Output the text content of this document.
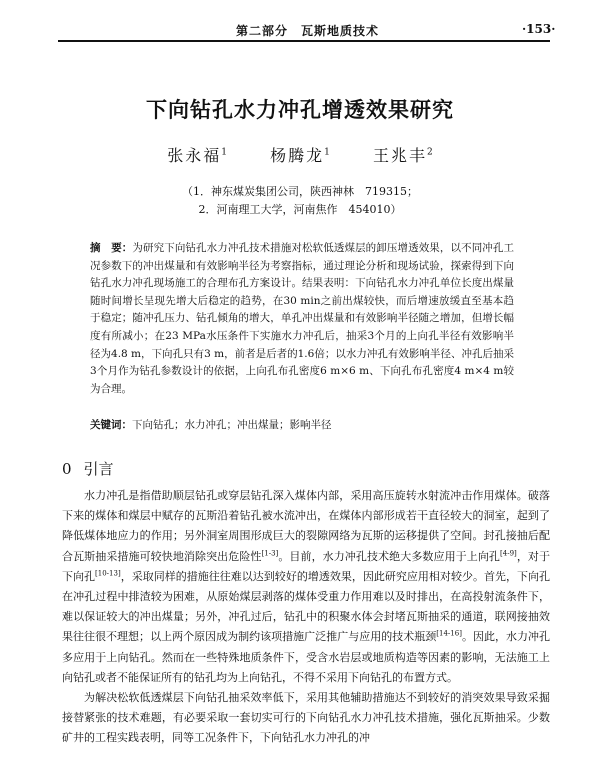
第二部分　瓦斯地质技术	·153·
下向钻孔水力冲孔增透效果研究
张永福$^1$	杨腾龙$^1$	王兆丰$^2$
（1．神东煤炭集团公司，陕西神林　719315；
2．河南理工大学，河南焦作　454010）
摘　要：为研究下向钻孔水力冲孔技术措施对松软低透煤层的卸压增透效果，以不同冲孔工况参数下的冲出煤量和有效影响半径为考察指标，通过理论分析和现场试验，探索得到下向钻孔水力冲孔现场施工的合理布孔方案设计。结果表明：下向钻孔水力冲孔单位长度出煤量随时间增长呈现先增大后稳定的趋势，在30 min之前出煤较快，而后增速放缓直至基本趋于稳定；随冲孔压力、钻孔倾角的增大，单孔冲出煤量和有效影响半径随之增加，但增长幅度有所减小；在23 MPa水压条件下实施水力冲孔后，抽采3个月的上向孔半径有效影响半径为4.8 m，下向孔只有3 m，前者是后者的1.6倍；以水力冲孔有效影响半径、冲孔后抽采3个月作为钻孔参数设计的依据，上向孔布孔密度6 m×6 m、下向孔布孔密度4 m×4 m较为合理。
关键词：下向钻孔；水力冲孔；冲出煤量；影响半径
0 引言

水力冲孔是指借助顺层钻孔或穿层钻孔深入煤体内部，采用高压旋转水射流冲击作用煤体。破落下来的煤体和煤层中赋存的瓦斯沿着钻孔被水流冲出，在煤体内部形成若干直径较大的洞室，起到了降低煤体地应力的作用；另外洞室周围形成巨大的裂隙网络为瓦斯的运移提供了空间。封孔接抽后配合瓦斯抽采措施可较快地消除突出危险性[1-3]。目前，水力冲孔技术绝大多数应用于上向孔[4-9]，对于下向孔[10-13]，采取同样的措施往往难以达到较好的增透效果，因此研究应用相对较少。首先，下向孔在冲孔过程中排渣较为困难，从原始煤层剥落的煤体受重力作用难以及时排出，在高投射流条件下，难以保证较大的冲出煤量；另外，冲孔过后，钻孔中的积聚水体会封堵瓦斯抽采的通道，联网接抽效果往往很不理想；以上两个原因成为制约该项措施广泛推广与应用的技术瓶颈[14-16]。因此，水力冲孔多应用于上向钻孔。然而在一些特殊地质条件下，受含水岩层或地质构造等因素的影响，无法施工上向钻孔或者不能保证所有的钻孔均为上向钻孔，不得不采用下向钻孔的布置方式。

为解决松软低透煤层下向钻孔抽采效率低下，采用其他辅助措施达不到较好的消突效果导致采掘接替紧张的技术难题，有必要采取一套切实可行的下向钻孔水力冲孔技术措施，强化瓦斯抽采。少数矿井的工程实践表明，同等工况条件下，下向钻孔水力冲孔的冲
